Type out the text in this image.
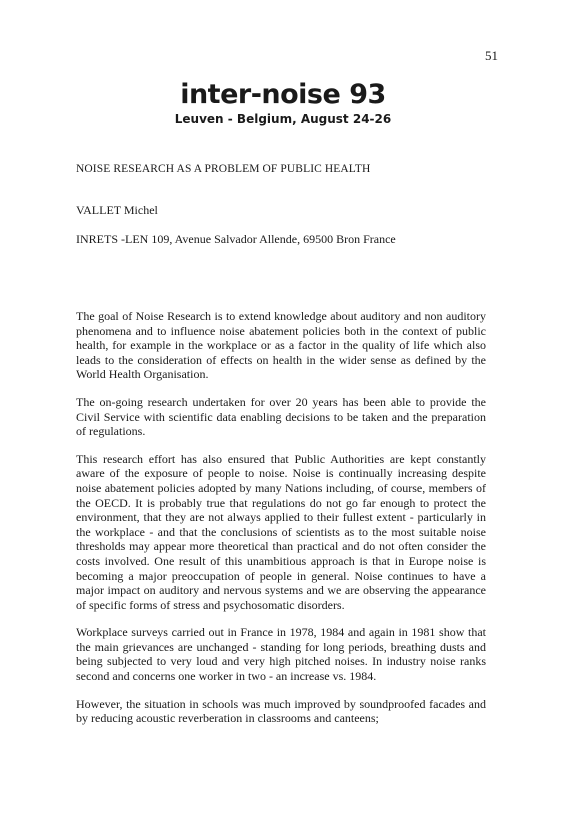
51
inter-noise 93
Leuven - Belgium, August 24-26
NOISE RESEARCH AS A PROBLEM OF PUBLIC HEALTH
VALLET Michel
INRETS -LEN 109, Avenue Salvador Allende, 69500 Bron France

The goal of Noise Research is to extend knowledge about auditory and non auditory phenomena and to influence noise abatement policies both in the context of public health, for example in the workplace or as a factor in the quality of life which also leads to the consideration of effects on health in the wider sense as defined by the World Health Organisation.

The on-going research undertaken for over 20 years has been able to provide the Civil Service with scientific data enabling decisions to be taken and the preparation of regulations.

This research effort has also ensured that Public Authorities are kept constantly aware of the exposure of people to noise. Noise is continually increasing despite noise abatement policies adopted by many Nations including, of course, members of the OECD. It is probably true that regulations do not go far enough to protect the environment, that they are not always applied to their fullest extent - particularly in the workplace - and that the conclusions of scientists as to the most suitable noise thresholds may appear more theoretical than practical and do not often consider the costs involved. One result of this unambitious approach is that in Europe noise is becoming a major preoccupation of people in general. Noise continues to have a major impact on auditory and nervous systems and we are observing the appearance of specific forms of stress and psychosomatic disorders.

Workplace surveys carried out in France in 1978, 1984 and again in 1981 show that the main grievances are unchanged - standing for long periods, breathing dusts and being subjected to very loud and very high pitched noises. In industry noise ranks second and concerns one worker in two - an increase vs. 1984.

However, the situation in schools was much improved by soundproofed facades and by reducing acoustic reverberation in classrooms and canteens;
